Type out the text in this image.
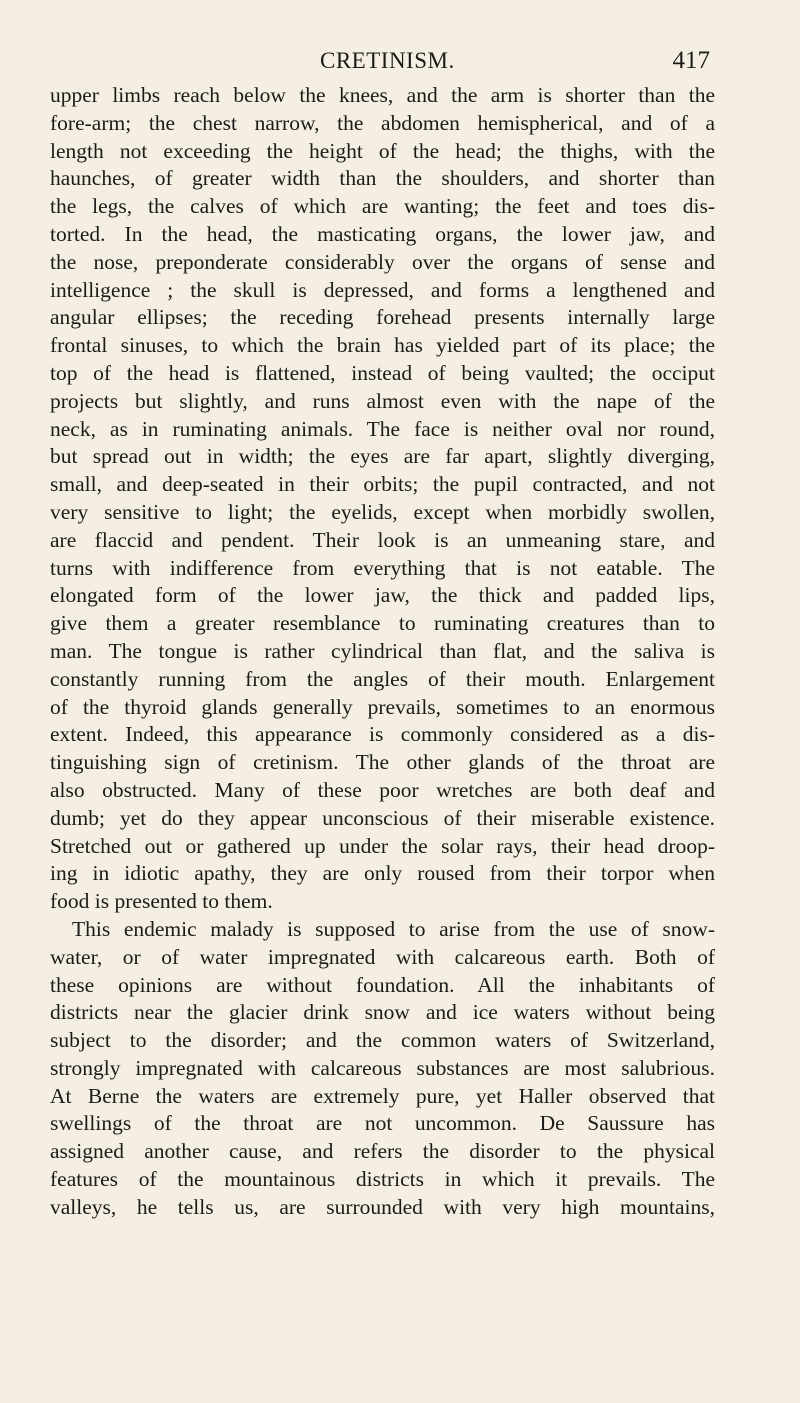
CRETINISM.	417
upper limbs reach below the knees, and the arm is shorter than the
fore-arm; the chest narrow, the abdomen hemispherical, and of a
length not exceeding the height of the head; the thighs, with the
haunches, of greater width than the shoulders, and shorter than
the legs, the calves of which are wanting; the feet and toes dis-
torted. In the head, the masticating organs, the lower jaw, and
the nose, preponderate considerably over the organs of sense and
intelligence ; the skull is depressed, and forms a lengthened and
angular ellipses; the receding forehead presents internally large
frontal sinuses, to which the brain has yielded part of its place; the
top of the head is flattened, instead of being vaulted; the occiput
projects but slightly, and runs almost even with the nape of the
neck, as in ruminating animals. The face is neither oval nor round,
but spread out in width; the eyes are far apart, slightly diverging,
small, and deep-seated in their orbits; the pupil contracted, and not
very sensitive to light; the eyelids, except when morbidly swollen,
are flaccid and pendent. Their look is an unmeaning stare, and
turns with indifference from everything that is not eatable. The
elongated form of the lower jaw, the thick and padded lips,
give them a greater resemblance to ruminating creatures than to
man. The tongue is rather cylindrical than flat, and the saliva is
constantly running from the angles of their mouth. Enlargement
of the thyroid glands generally prevails, sometimes to an enormous
extent. Indeed, this appearance is commonly considered as a dis-
tinguishing sign of cretinism. The other glands of the throat are
also obstructed. Many of these poor wretches are both deaf and
dumb; yet do they appear unconscious of their miserable existence.
Stretched out or gathered up under the solar rays, their head droop-
ing in idiotic apathy, they are only roused from their torpor when
food is presented to them.
This endemic malady is supposed to arise from the use of snow-
water, or of water impregnated with calcareous earth. Both of
these opinions are without foundation. All the inhabitants of
districts near the glacier drink snow and ice waters without being
subject to the disorder; and the common waters of Switzerland,
strongly impregnated with calcareous substances are most salubrious.
At Berne the waters are extremely pure, yet Haller observed that
swellings of the throat are not uncommon. De Saussure has
assigned another cause, and refers the disorder to the physical
features of the mountainous districts in which it prevails. The
valleys, he tells us, are surrounded with very high mountains,
